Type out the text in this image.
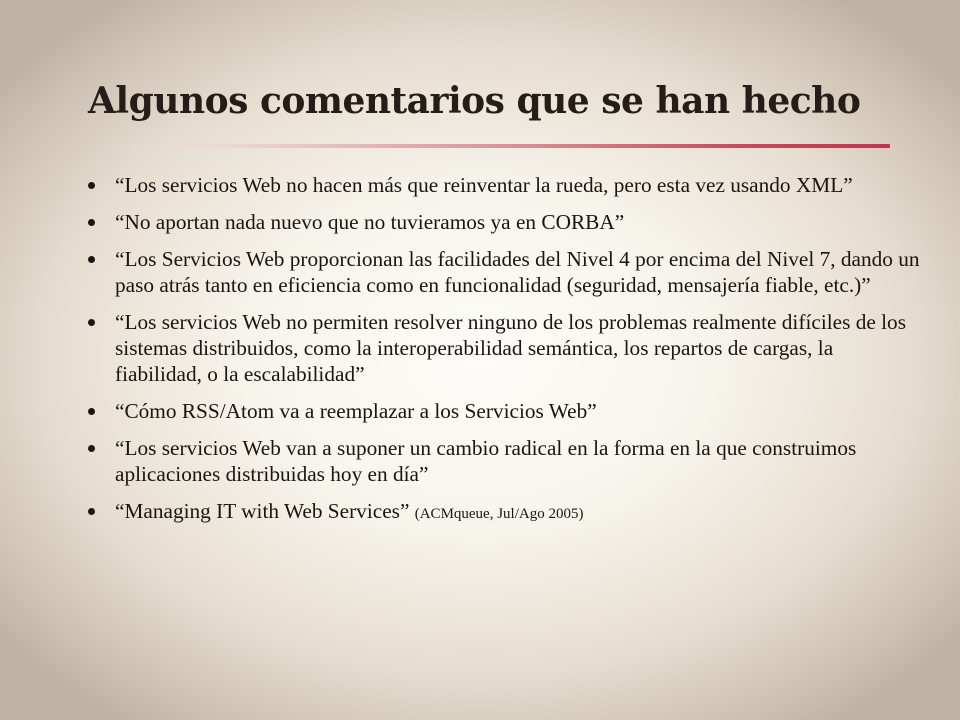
Algunos comentarios que se han hecho
“Los servicios Web no hacen más que reinventar la rueda, pero esta vez usando XML”
“No aportan nada nuevo que no tuvieramos ya en CORBA”
“Los Servicios Web proporcionan las facilidades del Nivel 4 por encima del Nivel 7, dando un paso atrás tanto en eficiencia como en funcionalidad (seguridad, mensajería fiable, etc.)”
“Los servicios Web no permiten resolver ninguno de los problemas realmente difíciles de los sistemas distribuidos, como la interoperabilidad semántica, los repartos de cargas, la fiabilidad, o la escalabilidad”
“Cómo RSS/Atom va a reemplazar a los Servicios Web”
“Los servicios Web van a suponer un cambio radical en la forma en la que construimos aplicaciones distribuidas hoy en día”
“Managing IT with Web Services” (ACMqueue, Jul/Ago 2005)
